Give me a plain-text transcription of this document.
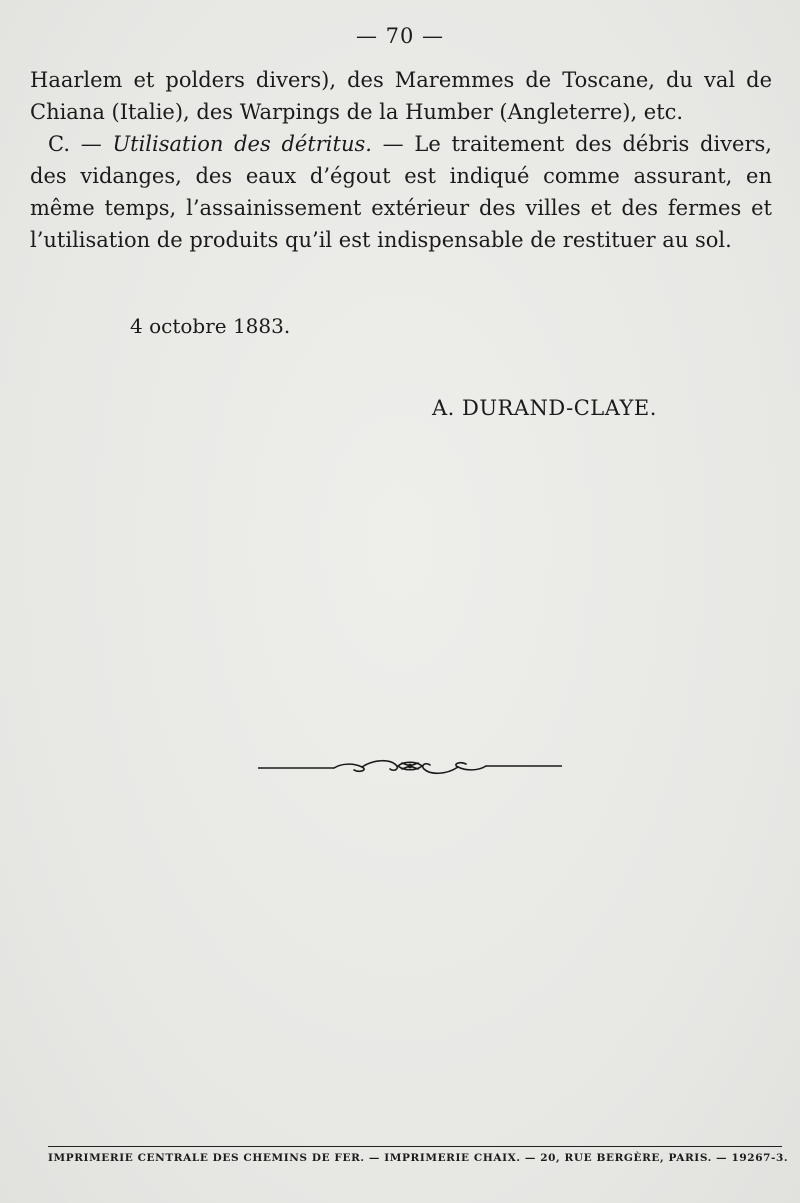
— 70 —

Haarlem et polders divers), des Maremmes de Toscane, du val de Chiana (Italie), des Warpings de la Humber (Angleterre), etc.

C. — Utilisation des détritus. — Le traitement des débris divers, des vidanges, des eaux d’égout est indiqué comme assurant, en même temps, l’assainissement extérieur des villes et des fermes et l’utilisation de produits qu’il est indispensable de restituer au sol.

4 octobre 1883.
A. DURAND-CLAYE.
IMPRIMERIE CENTRALE DES CHEMINS DE FER. — IMPRIMERIE CHAIX. — 20, RUE BERGÈRE, PARIS. — 19267-3.
